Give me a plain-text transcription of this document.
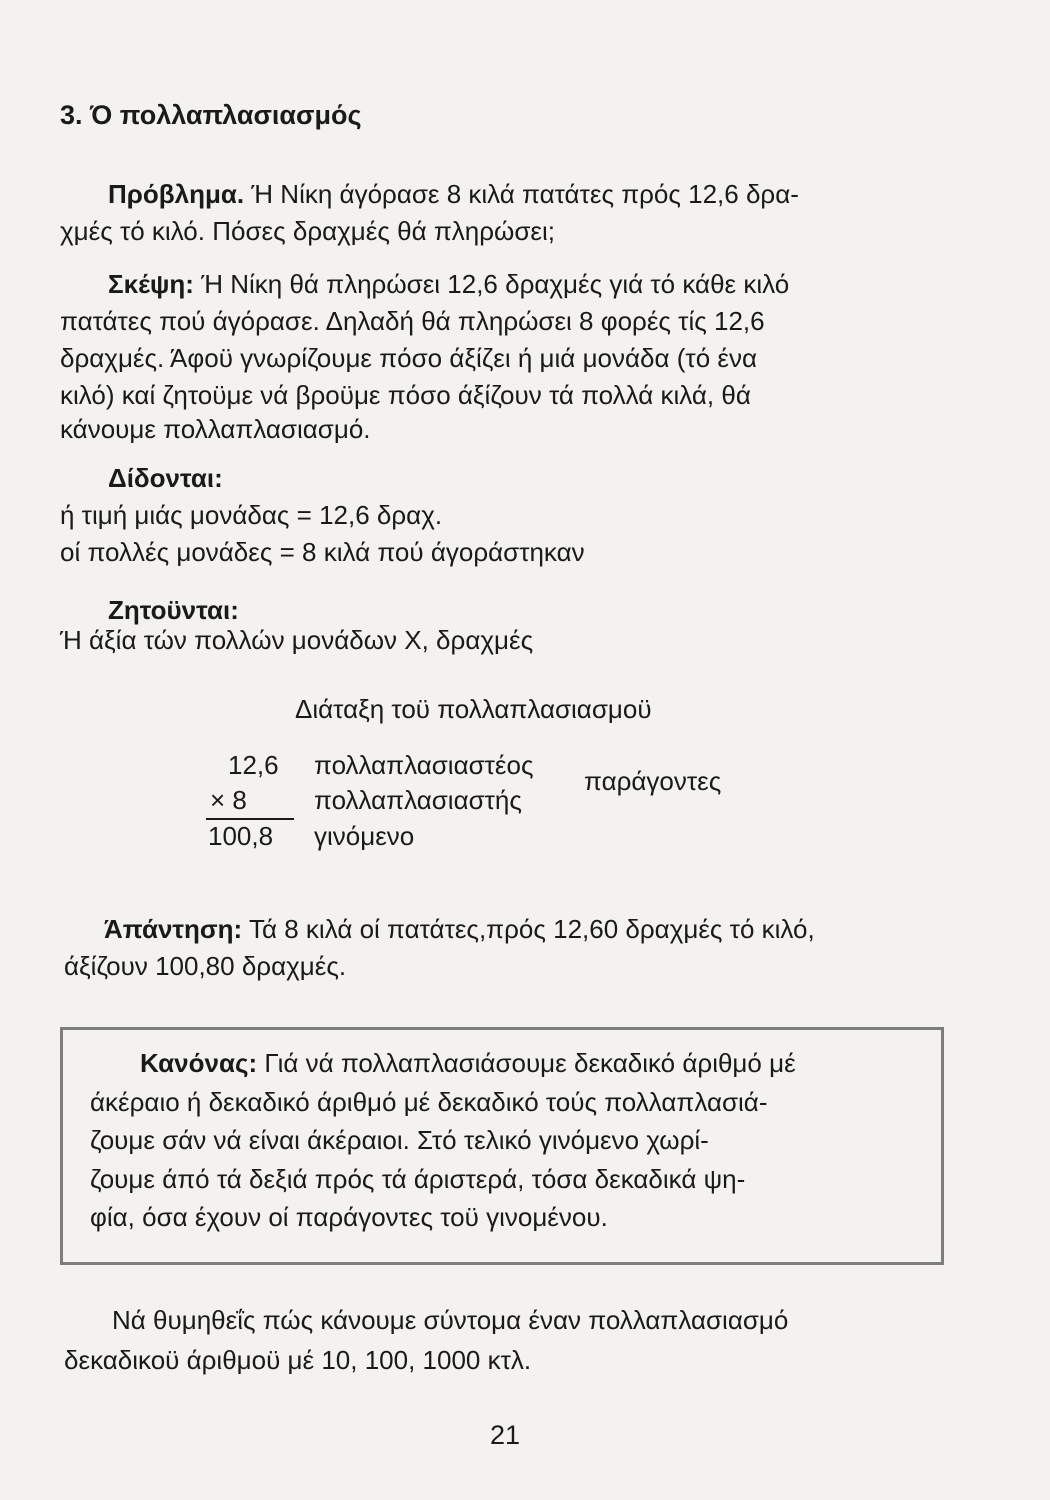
3. Ό πολλαπλασιασμός
Πρόβλημα. Ή Νίκη άγόρασε 8 κιλά πατάτες πρός 12,6 δρα-
χμές τό κιλό. Πόσες δραχμές θά πληρώσει;
Σκέψη: Ή Νίκη θά πληρώσει 12,6 δραχμές γιά τό κάθε κιλό
πατάτες πού άγόρασε. Δηλαδή θά πληρώσει 8 φορές τίς 12,6
δραχμές. Άφοϋ γνωρίζουμε πόσο άξίζει ή μιά μονάδα (τό ένα
κιλό) καί ζητοϋμε νά βροϋμε πόσο άξίζουν τά πολλά κιλά, θά
κάνουμε πολλαπλασιασμό.
Δίδονται:
ή τιμή μιάς μονάδας = 12,6 δραχ.
οί πολλές μονάδες = 8 κιλά πού άγοράστηκαν
Ζητοϋνται:
Ή άξία τών πολλών μονάδων Χ, δραχμές
Διάταξη τοϋ πολλαπλασιασμοϋ
12,6 πολλαπλασιαστέος
παράγοντες
× 8	πολλαπλασιαστής
100,8 γινόμενο
Άπάντηση: Τά 8 κιλά οί πατάτες,πρός 12,60 δραχμές τό κιλό,
άξίζουν 100,80 δραχμές.
Κανόνας: Γιά νά πολλαπλασιάσουμε δεκαδικό άριθμό μέ
άκέραιο ή δεκαδικό άριθμό μέ δεκαδικό τούς πολλαπλασιά-
ζουμε σάν νά είναι άκέραιοι. Στό τελικό γινόμενο χωρί-
ζουμε άπό τά δεξιά πρός τά άριστερά, τόσα δεκαδικά ψη-
φία, όσα έχουν οί παράγοντες τοϋ γινομένου.
Νά θυμηθεΐς πώς κάνουμε σύντομα έναν πολλαπλασιασμό
δεκαδικοϋ άριθμοϋ μέ 10, 100, 1000 κτλ.
21
